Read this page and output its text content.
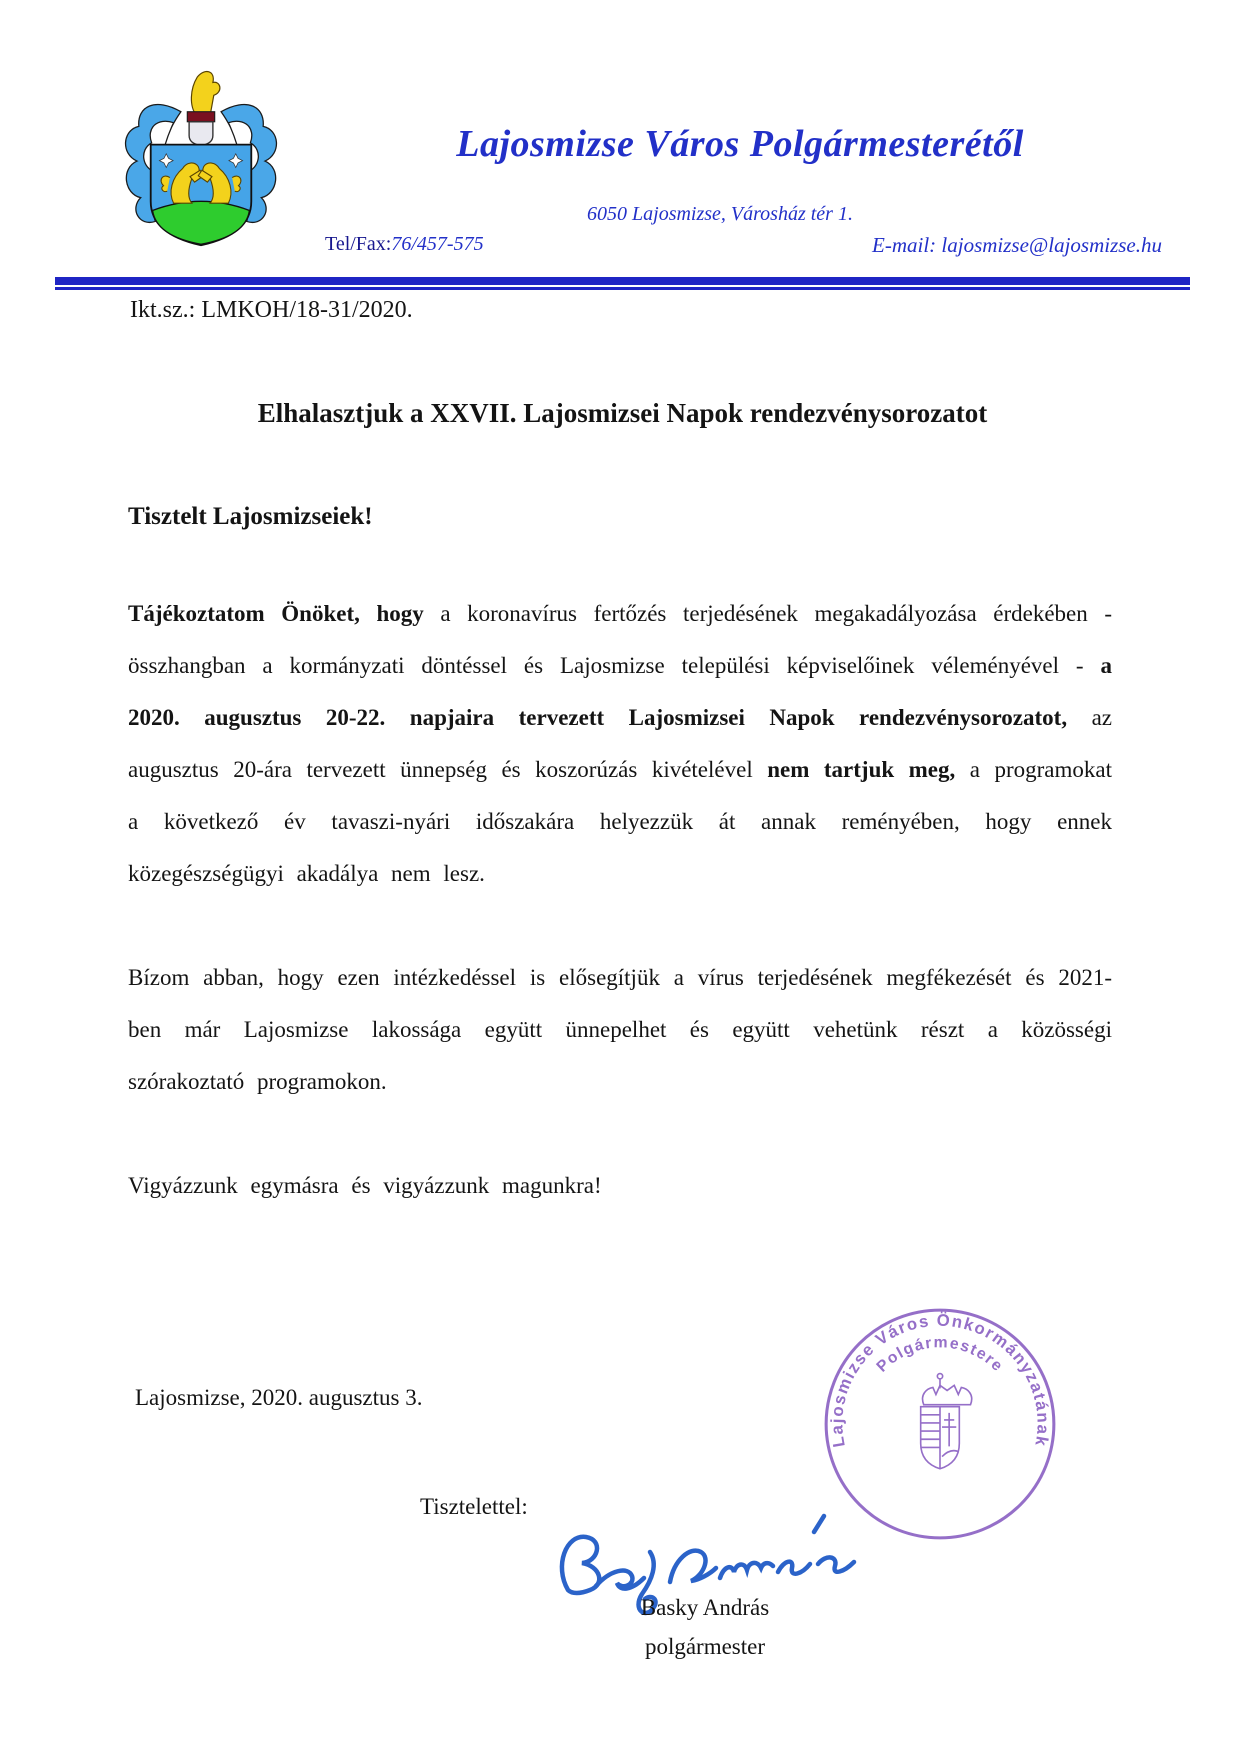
Lajosmizse Város Polgármesterétől
6050 Lajosmizse, Városház tér 1.
Tel/Fax:76/457-575	E-mail: lajosmizse@lajosmizse.hu
Ikt.sz.: LMKOH/18-31/2020.
Elhalasztjuk a XXVII. Lajosmizsei Napok rendezvénysorozatot
Tisztelt Lajosmizseiek!

Tájékoztatom Önöket, hogy a koronavírus fertőzés terjedésének megakadályozása érdekében - összhangban a kormányzati döntéssel és Lajosmizse települési képviselőinek véleményével - a 2020. augusztus 20-22. napjaira tervezett Lajosmizsei Napok rendezvénysorozatot, az augusztus 20-ára tervezett ünnepség és koszorúzás kivételével nem tartjuk meg, a programokat a következő év tavaszi-nyári időszakára helyezzük át annak reményében, hogy ennek közegészségügyi akadálya nem lesz.

Bízom abban, hogy ezen intézkedéssel is elősegítjük a vírus terjedésének megfékezését és 2021-ben már Lajosmizse lakossága együtt ünnepelhet és együtt vehetünk részt a közösségi szórakoztató programokon.

Vigyázzunk egymásra és vigyázzunk magunkra!

Lajosmizse, 2020. augusztus 3.
Lajosmizse Város Önkormányzatának
Polgármestere
Tisztelettel:
Basky András
polgármester
